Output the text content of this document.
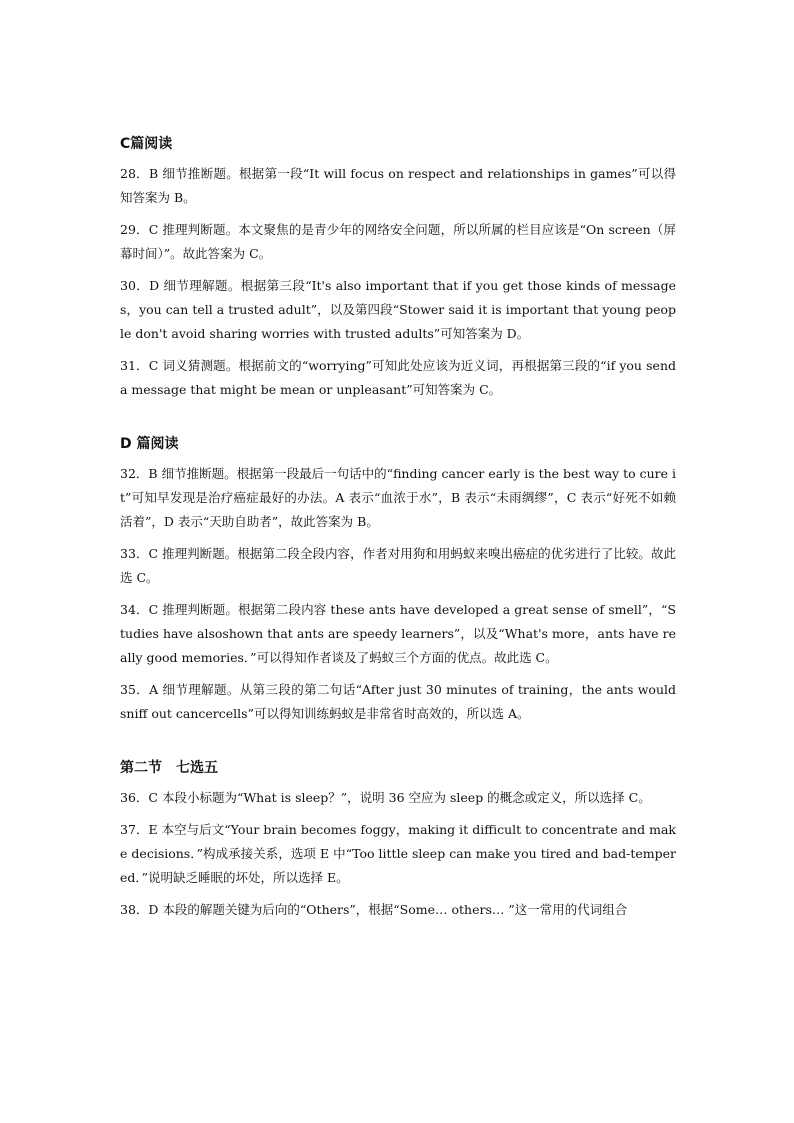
C篇阅读

28．B 细节推断题。根据第一段“It will focus on respect and relationships in games”可以得知答案为 B。

29．C 推理判断题。本文聚焦的是青少年的网络安全问题，所以所属的栏目应该是“On screen（屏幕时间）”。故此答案为 C。

30．D 细节理解题。根据第三段“It's also important that if you get those kinds of messages，you can tell a trusted adult”，以及第四段“Stower said it is important that young people don't avoid sharing worries with trusted adults”可知答案为 D。

31．C 词义猜测题。根据前文的“worrying”可知此处应该为近义词，再根据第三段的“if you send a message that might be mean or unpleasant”可知答案为 C。

D 篇阅读

32．B 细节推断题。根据第一段最后一句话中的“finding cancer early is the best way to cure it”可知早发现是治疗癌症最好的办法。A 表示“血浓于水”，B 表示“未雨绸缪”，C 表示“好死不如赖活着”，D 表示“天助自助者”，故此答案为 B。

33．C 推理判断题。根据第二段全段内容，作者对用狗和用蚂蚁来嗅出癌症的优劣进行了比较。故此选 C。

34．C 推理判断题。根据第二段内容 these ants have developed a great sense of smell”，“Studies have alsoshown that ants are speedy learners”，以及“What's more，ants have really good memories．”可以得知作者谈及了蚂蚁三个方面的优点。故此选 C。

35．A 细节理解题。从第三段的第二句话“After just 30 minutes of training，the ants would sniff out cancercells”可以得知训练蚂蚁是非常省时高效的，所以选 A。

第二节　七选五

36．C 本段小标题为“What is sleep？”，说明 36 空应为 sleep 的概念或定义，所以选择 C。

37．E 本空与后文“Your brain becomes foggy，making it difficult to concentrate and make decisions．”构成承接关系，选项 E 中“Too little sleep can make you tired and bad-tempered．”说明缺乏睡眠的坏处，所以选择 E。

38．D 本段的解题关键为后向的“Others”，根据“Some… others… ”这一常用的代词组合
